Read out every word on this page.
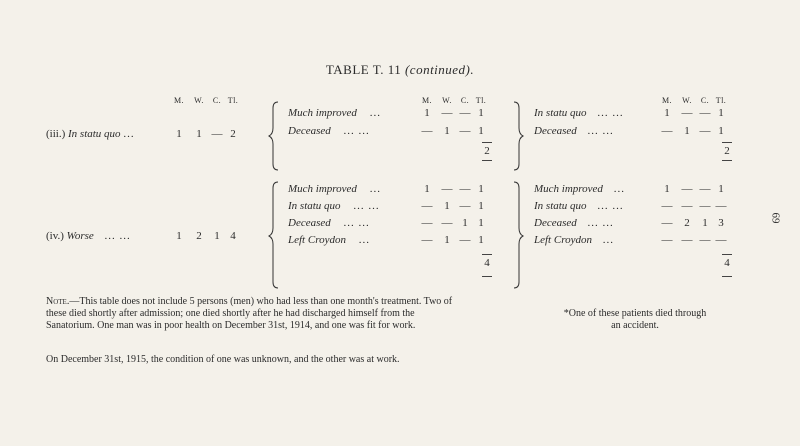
TABLE T. 11 (continued).
M. W. C. Tl.	M. W. C. Tl.	M. W. C. Tl.
(iii.) In statu quo ...	1 1 — 2
Much improved ...	1 — — 1
Deceased ... ...	— 1 — 1
2
In statu quo ... ...	1 — — 1
Deceased ... ...	— 1 — 1
2
(iv.) Worse ... ...	1 2 1 4
Much improved ...	1 — — 1
In statu quo ... ...	— 1 — 1
Deceased ... ...	— — 1 1
Left Croydon ...	— 1 — 1
4
Much improved ...	1 — — 1
In statu quo ... ...	— — — —
Deceased ... ...	— 2 1 3
Left Croydon ...	— — — —
4
69
Note.—This table does not include 5 persons (men) who had less than one month's treatment. Two of these died shortly after admission; one died shortly after he had discharged himself from the Sanatorium. One man was in poor health on December 31st, 1914, and one was fit for work.
On December 31st, 1915, the condition of one was unknown, and the other was at work.
*One of these patients died through an accident.
